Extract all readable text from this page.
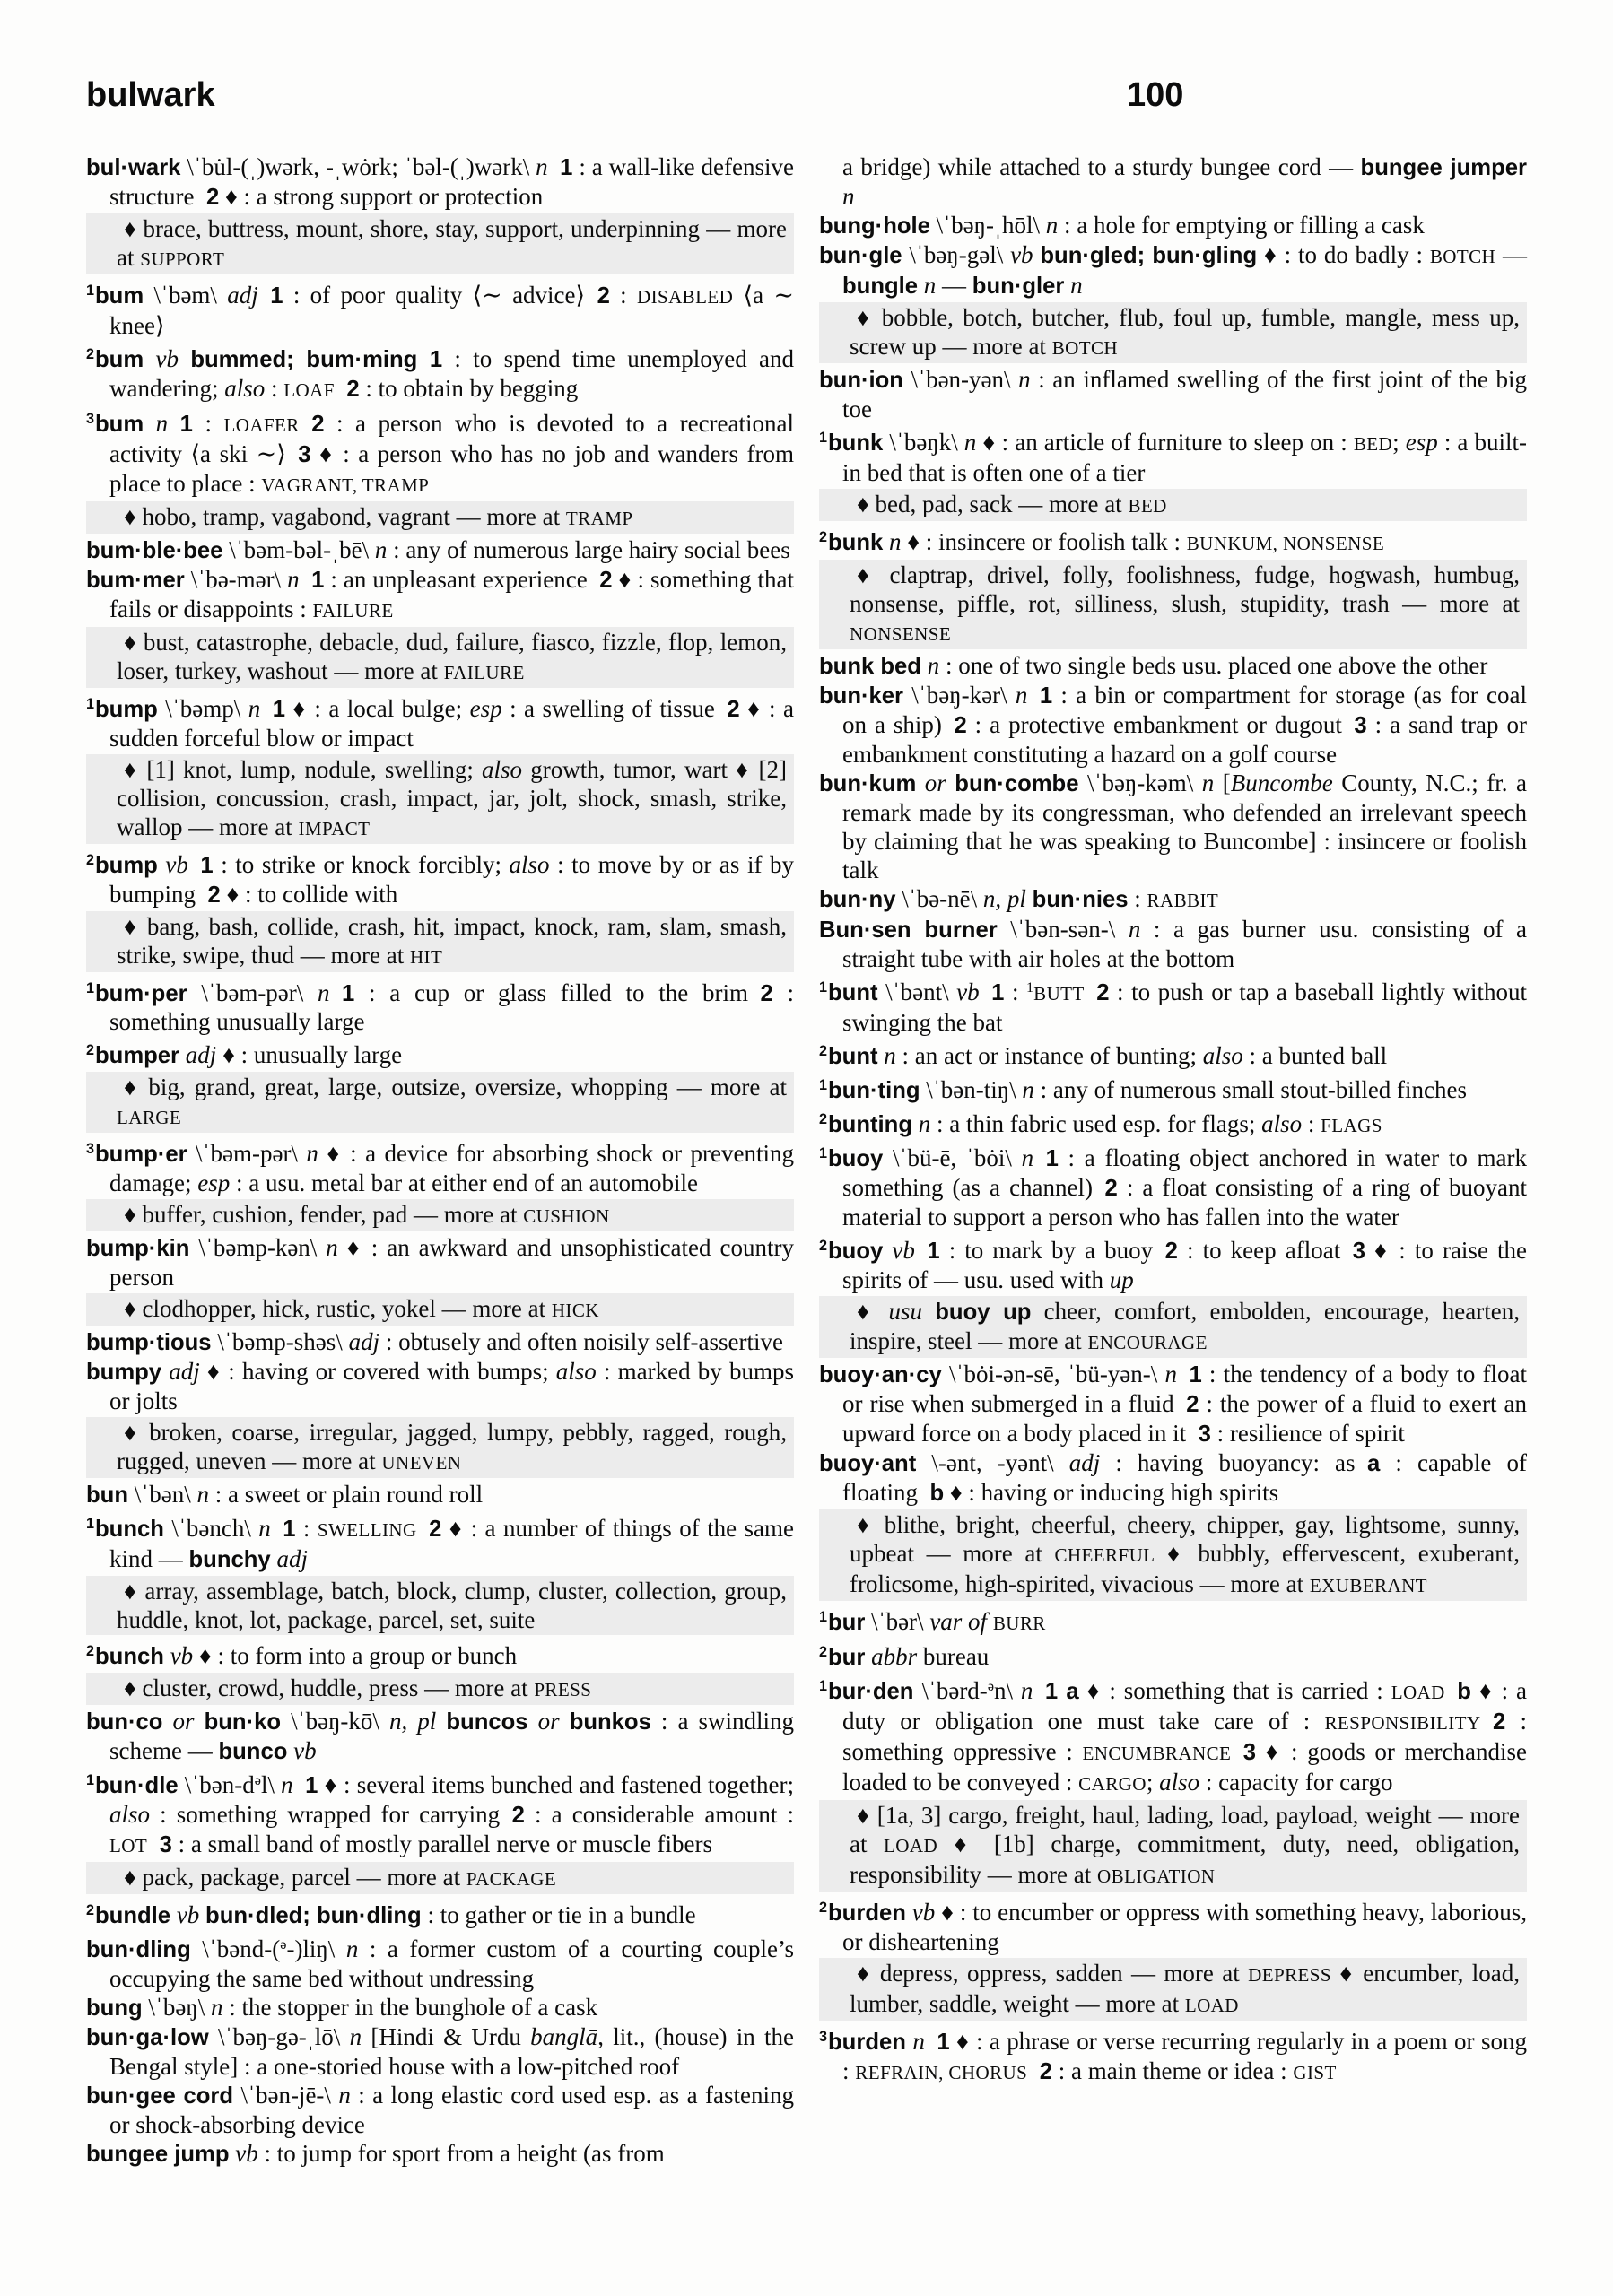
bulwark	100
bul·wark \ˈbu̇l-(ˌ)wərk, -ˌwȯrk; ˈbəl-(ˌ)wərk\ n  1 : a wall-like defensive structure 2 ♦ : a strong support or protection
♦ brace, buttress, mount, shore, stay, support, underpinning — more at SUPPORT
$^1$bum \ˈbəm\ adj  1 : of poor quality ⟨∼ advice⟩ 2 : DISABLED ⟨a ∼ knee⟩
$^2$bum vb bummed; bum·ming  1 : to spend time unemployed and wandering; also : LOAF  2 : to obtain by begging
$^3$bum n  1 : LOAFER  2 : a person who is devoted to a recreational activity ⟨a ski ∼⟩ 3 ♦ : a person who has no job and wanders from place to place : VAGRANT, TRAMP
♦ hobo, tramp, vagabond, vagrant — more at TRAMP
bum·ble·bee \ˈbəm-bəl-ˌbē\ n : any of numerous large hairy social bees
bum·mer \ˈbə-mər\ n  1 : an unpleasant experience 2 ♦ : something that fails or disappoints : FAILURE
♦ bust, catastrophe, debacle, dud, failure, fiasco, fizzle, flop, lemon, loser, turkey, washout — more at FAILURE
$^1$bump \ˈbəmp\ n  1 ♦ : a local bulge; esp : a swelling of tissue 2 ♦ : a sudden forceful blow or impact
♦ [1] knot, lump, nodule, swelling; also growth, tumor, wart ♦ [2] collision, concussion, crash, impact, jar, jolt, shock, smash, strike, wallop — more at IMPACT
$^2$bump vb  1 : to strike or knock forcibly; also : to move by or as if by bumping 2 ♦ : to collide with
♦ bang, bash, collide, crash, hit, impact, knock, ram, slam, smash, strike, swipe, thud — more at HIT
$^1$bum·per \ˈbəm-pər\ n  1 : a cup or glass filled to the brim 2 : something unusually large
$^2$bumper adj ♦ : unusually large
♦ big, grand, great, large, outsize, oversize, whopping — more at LARGE
$^3$bump·er \ˈbəm-pər\ n ♦ : a device for absorbing shock or preventing damage; esp : a usu. metal bar at either end of an automobile
♦ buffer, cushion, fender, pad — more at CUSHION
bump·kin \ˈbəmp-kən\ n ♦ : an awkward and unsophisticated country person
♦ clodhopper, hick, rustic, yokel — more at HICK
bump·tious \ˈbəmp-shəs\ adj : obtusely and often noisily self-assertive
bumpy adj ♦ : having or covered with bumps; also : marked by bumps or jolts
♦ broken, coarse, irregular, jagged, lumpy, pebbly, ragged, rough, rugged, uneven — more at UNEVEN
bun \ˈbən\ n : a sweet or plain round roll
$^1$bunch \ˈbənch\ n  1 : SWELLING  2 ♦ : a number of things of the same kind — bunchy adj
♦ array, assemblage, batch, block, clump, cluster, collection, group, huddle, knot, lot, package, parcel, set, suite
$^2$bunch vb ♦ : to form into a group or bunch
♦ cluster, crowd, huddle, press — more at PRESS
bun·co or bun·ko \ˈbəŋ-kō\ n, pl buncos or bunkos : a swindling scheme — bunco vb
$^1$bun·dle $\backslash ˈbən-d^əl\backslash$ n  1 ♦ : several items bunched and fastened together; also : something wrapped for carrying 2 : a considerable amount : LOT  3 : a small band of mostly parallel nerve or muscle fibers
♦ pack, package, parcel — more at PACKAGE
$^2$bundle vb bun·dled; bun·dling : to gather or tie in a bundle
bun·dling \ˈbənd-($^ə$-)liŋ\ n : a former custom of a courting couple’s occupying the same bed without undressing
bung \ˈbəŋ\ n : the stopper in the bunghole of a cask
bun·ga·low \ˈbəŋ-gə-ˌlō\ n [Hindi & Urdu banglā, lit., (house) in the Bengal style] : a one-storied house with a low-pitched roof
bun·gee cord \ˈbən-jē-\ n : a long elastic cord used esp. as a fastening or shock-absorbing device
bungee jump vb : to jump for sport from a height (as from
a bridge) while attached to a sturdy bungee cord — bungee jumper n
bung·hole \ˈbəŋ-ˌhōl\ n : a hole for emptying or filling a cask
bun·gle \ˈbəŋ-gəl\ vb bun·gled; bun·gling ♦ : to do badly : BOTCH — bungle n — bun·gler n
♦ bobble, botch, butcher, flub, foul up, fumble, mangle, mess up, screw up — more at BOTCH
bun·ion \ˈbən-yən\ n : an inflamed swelling of the first joint of the big toe
$^1$bunk \ˈbəŋk\ n ♦ : an article of furniture to sleep on : BED; esp : a built-in bed that is often one of a tier
♦ bed, pad, sack — more at BED
$^2$bunk n ♦ : insincere or foolish talk : BUNKUM, NONSENSE
♦ claptrap, drivel, folly, foolishness, fudge, hogwash, humbug, nonsense, piffle, rot, silliness, slush, stupidity, trash — more at NONSENSE
bunk bed n : one of two single beds usu. placed one above the other
bun·ker \ˈbəŋ-kər\ n  1 : a bin or compartment for storage (as for coal on a ship) 2 : a protective embankment or dugout 3 : a sand trap or embankment constituting a hazard on a golf course
bun·kum or bun·combe \ˈbəŋ-kəm\ n [Buncombe County, N.C.; fr. a remark made by its congressman, who defended an irrelevant speech by claiming that he was speaking to Buncombe] : insincere or foolish talk
bun·ny \ˈbə-nē\ n, pl bun·nies : RABBIT
Bun·sen burner \ˈbən-sən-\ n : a gas burner usu. consisting of a straight tube with air holes at the bottom
$^1$bunt \ˈbənt\ vb  1 : $^1$BUTT  2 : to push or tap a baseball lightly without swinging the bat
$^2$bunt n : an act or instance of bunting; also : a bunted ball
$^1$bun·ting \ˈbən-tiŋ\ n : any of numerous small stout-billed finches
$^2$bunting n : a thin fabric used esp. for flags; also : FLAGS
$^1$buoy \ˈbü-ē, ˈbȯi\ n  1 : a floating object anchored in water to mark something (as a channel) 2 : a float consisting of a ring of buoyant material to support a person who has fallen into the water
$^2$buoy vb  1 : to mark by a buoy 2 : to keep afloat 3 ♦ : to raise the spirits of — usu. used with up
♦ usu buoy up cheer, comfort, embolden, encourage, hearten, inspire, steel — more at ENCOURAGE
buoy·an·cy \ˈbȯi-ən-sē, ˈbü-yən-\ n  1 : the tendency of a body to float or rise when submerged in a fluid 2 : the power of a fluid to exert an upward force on a body placed in it 3 : resilience of spirit
buoy·ant \-ənt, -yənt\ adj : having buoyancy: as a : capable of floating b ♦ : having or inducing high spirits
♦ blithe, bright, cheerful, cheery, chipper, gay, lightsome, sunny, upbeat — more at CHEERFUL ♦ bubbly, effervescent, exuberant, frolicsome, high-spirited, vivacious — more at EXUBERANT
$^1$bur \ˈbər\ var of BURR
$^2$bur abbr bureau
$^1$bur·den \ˈbərd-$^ə$n\ n  1 a ♦ : something that is carried : LOAD  b ♦ : a duty or obligation one must take care of : RESPONSIBILITY  2 : something oppressive : ENCUMBRANCE  3 ♦ : goods or merchandise loaded to be conveyed : CARGO; also : capacity for cargo
♦ [1a, 3] cargo, freight, haul, lading, load, payload, weight — more at LOAD ♦ [1b] charge, commitment, duty, need, obligation, responsibility — more at OBLIGATION
$^2$burden vb ♦ : to encumber or oppress with something heavy, laborious, or disheartening
♦ depress, oppress, sadden — more at DEPRESS ♦ encumber, load, lumber, saddle, weight — more at LOAD
$^3$burden n  1 ♦ : a phrase or verse recurring regularly in a poem or song : REFRAIN, CHORUS  2 : a main theme or idea : GIST
